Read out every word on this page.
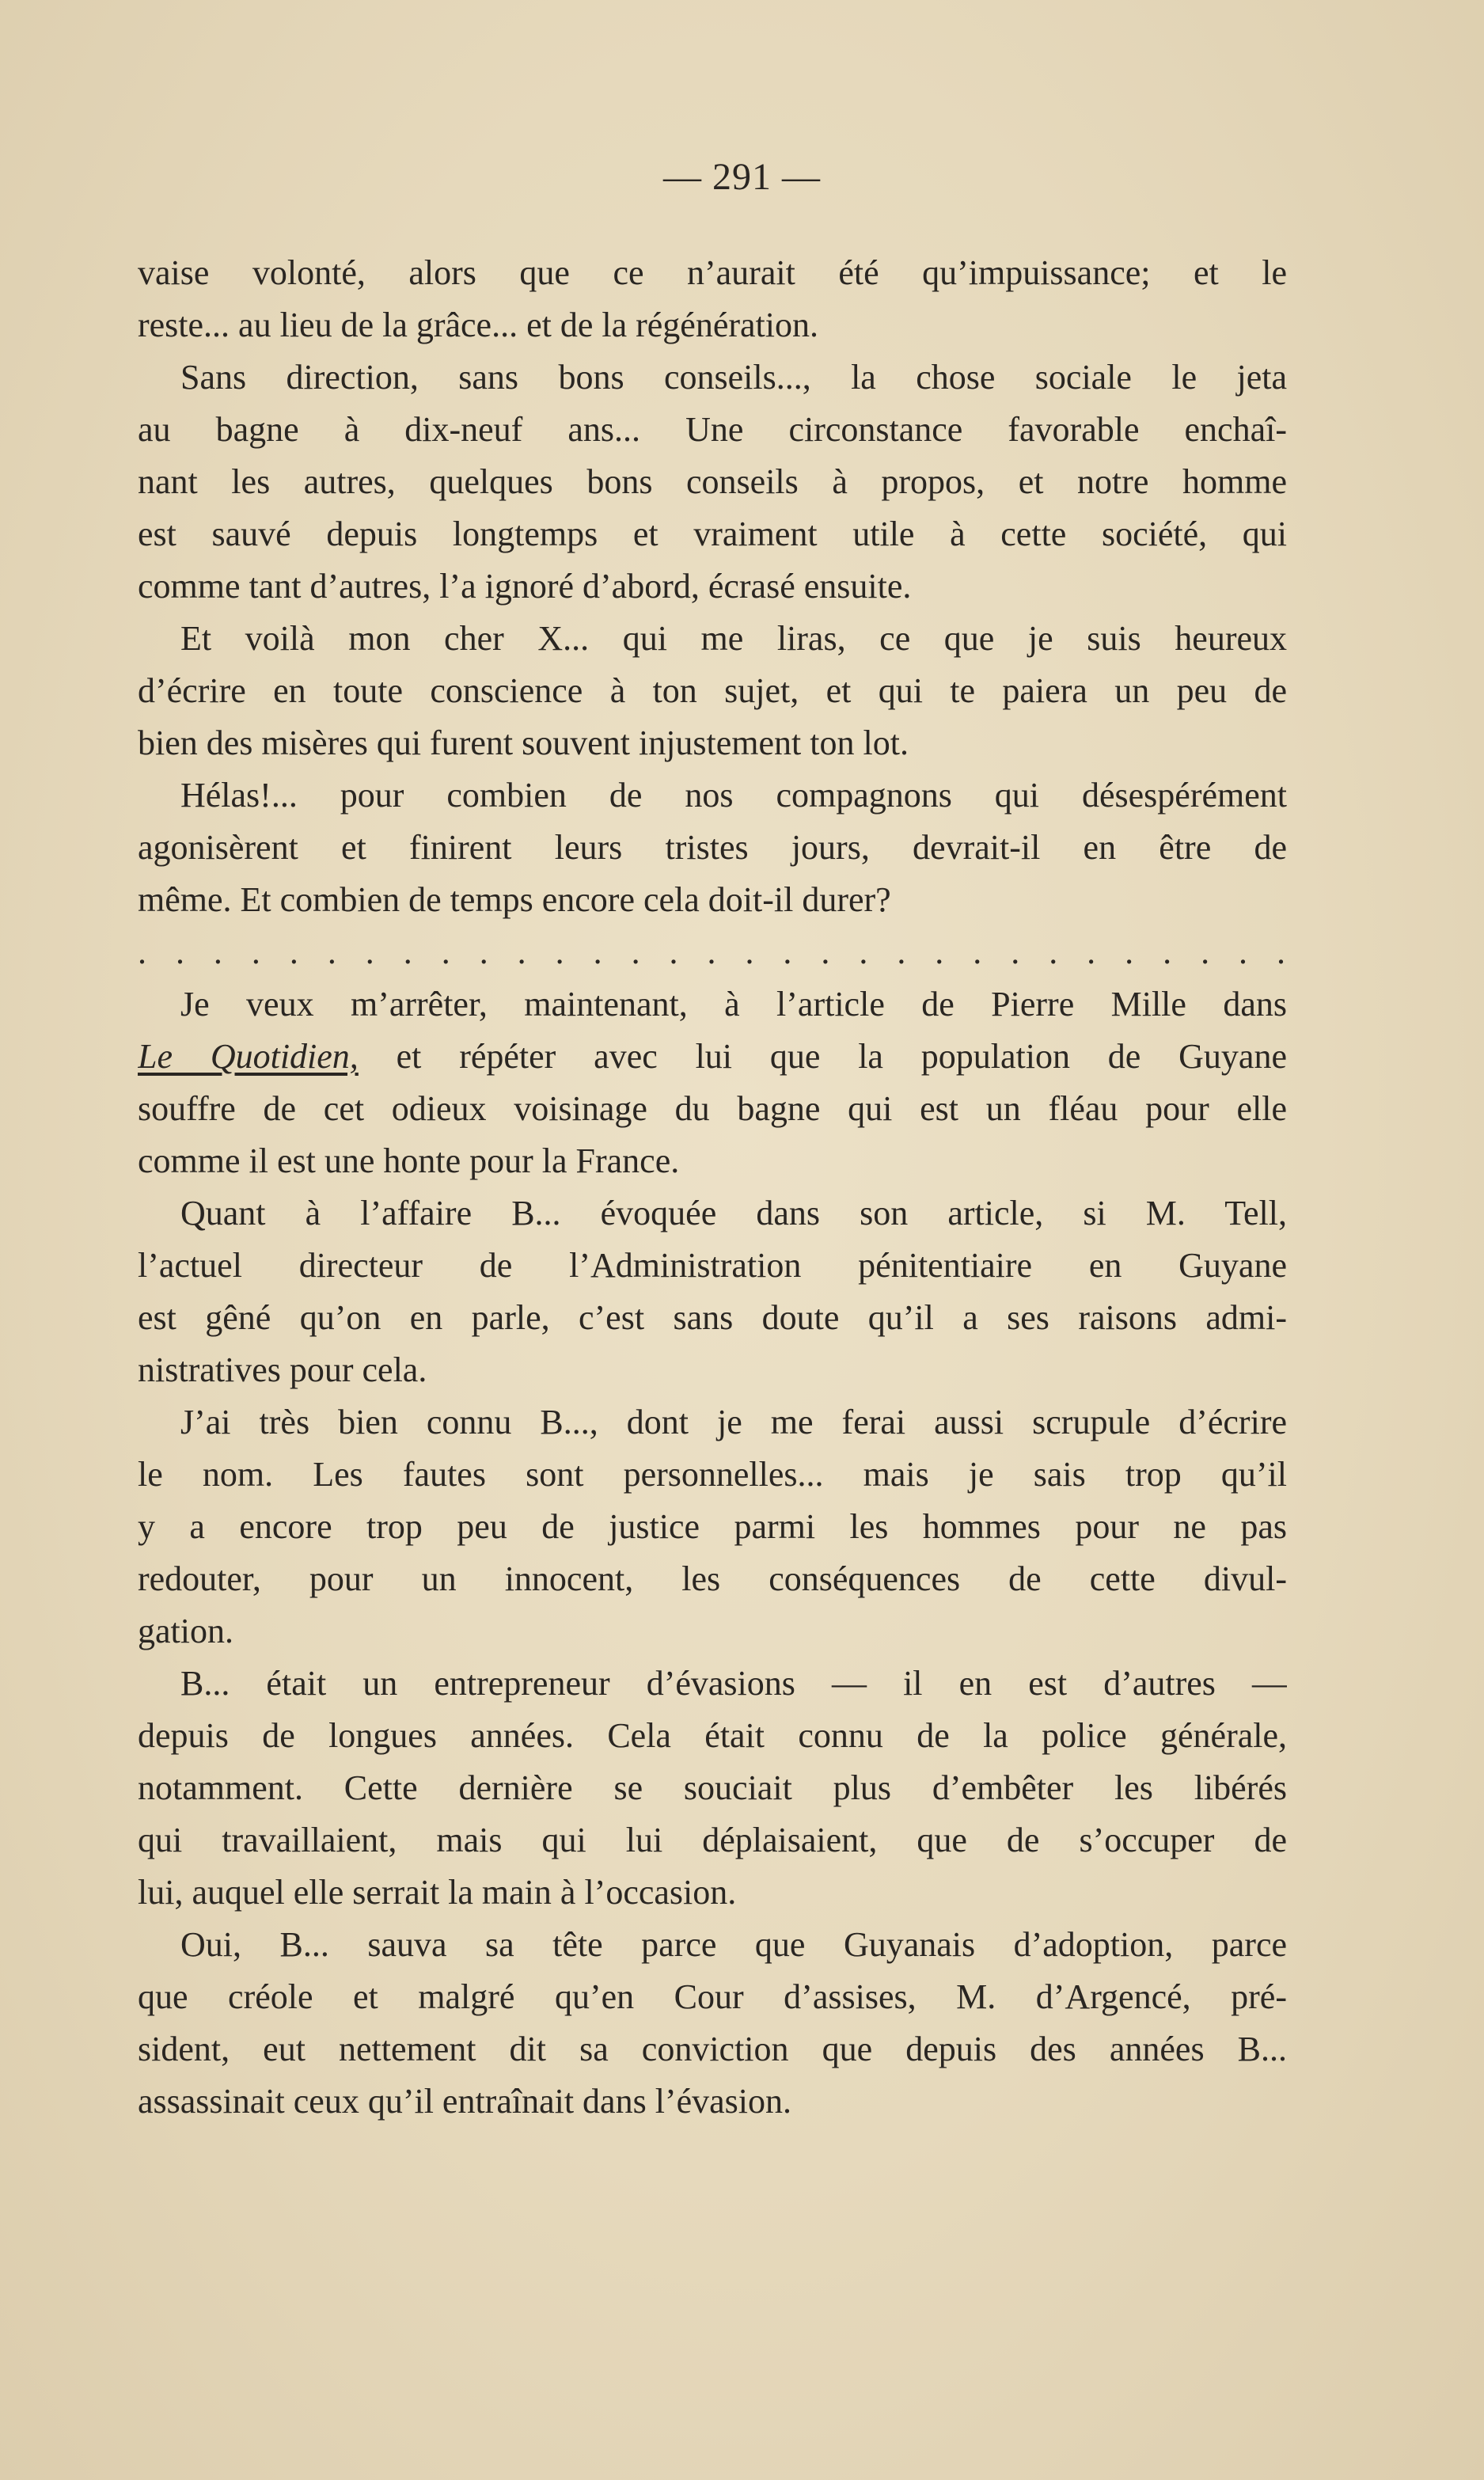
— 291 —
vaise volonté, alors que ce n’aurait été qu’impuissance; et le
reste... au lieu de la grâce... et de la régénération.
Sans direction, sans bons conseils..., la chose sociale le jeta
au bagne à dix-neuf ans... Une circonstance favorable enchaî-
nant les autres, quelques bons conseils à propos, et notre homme
est sauvé depuis longtemps et vraiment utile à cette société, qui
comme tant d’autres, l’a ignoré d’abord, écrasé ensuite.
Et voilà mon cher X... qui me liras, ce que je suis heureux
d’écrire en toute conscience à ton sujet, et qui te paiera un peu de
bien des misères qui furent souvent injustement ton lot.
Hélas!... pour combien de nos compagnons qui désespérément
agonisèrent et finirent leurs tristes jours, devrait-il en être de
même. Et combien de temps encore cela doit-il durer?
. . . . . . . . . . . . . . . . . . . . . . . . . . . . . . .
Je veux m’arrêter, maintenant, à l’article de Pierre Mille dans
Le Quotidien, et répéter avec lui que la population de Guyane
souffre de cet odieux voisinage du bagne qui est un fléau pour elle
comme il est une honte pour la France.
Quant à l’affaire B... évoquée dans son article, si M. Tell,
l’actuel directeur de l’Administration pénitentiaire en Guyane
est gêné qu’on en parle, c’est sans doute qu’il a ses raisons admi-
nistratives pour cela.
J’ai très bien connu B..., dont je me ferai aussi scrupule d’écrire
le nom. Les fautes sont personnelles... mais je sais trop qu’il
y a encore trop peu de justice parmi les hommes pour ne pas
redouter, pour un innocent, les conséquences de cette divul-
gation.
B... était un entrepreneur d’évasions — il en est d’autres —
depuis de longues années. Cela était connu de la police générale,
notamment. Cette dernière se souciait plus d’embêter les libérés
qui travaillaient, mais qui lui déplaisaient, que de s’occuper de
lui, auquel elle serrait la main à l’occasion.
Oui, B... sauva sa tête parce que Guyanais d’adoption, parce
que créole et malgré qu’en Cour d’assises, M. d’Argencé, pré-
sident, eut nettement dit sa conviction que depuis des années B...
assassinait ceux qu’il entraînait dans l’évasion.
